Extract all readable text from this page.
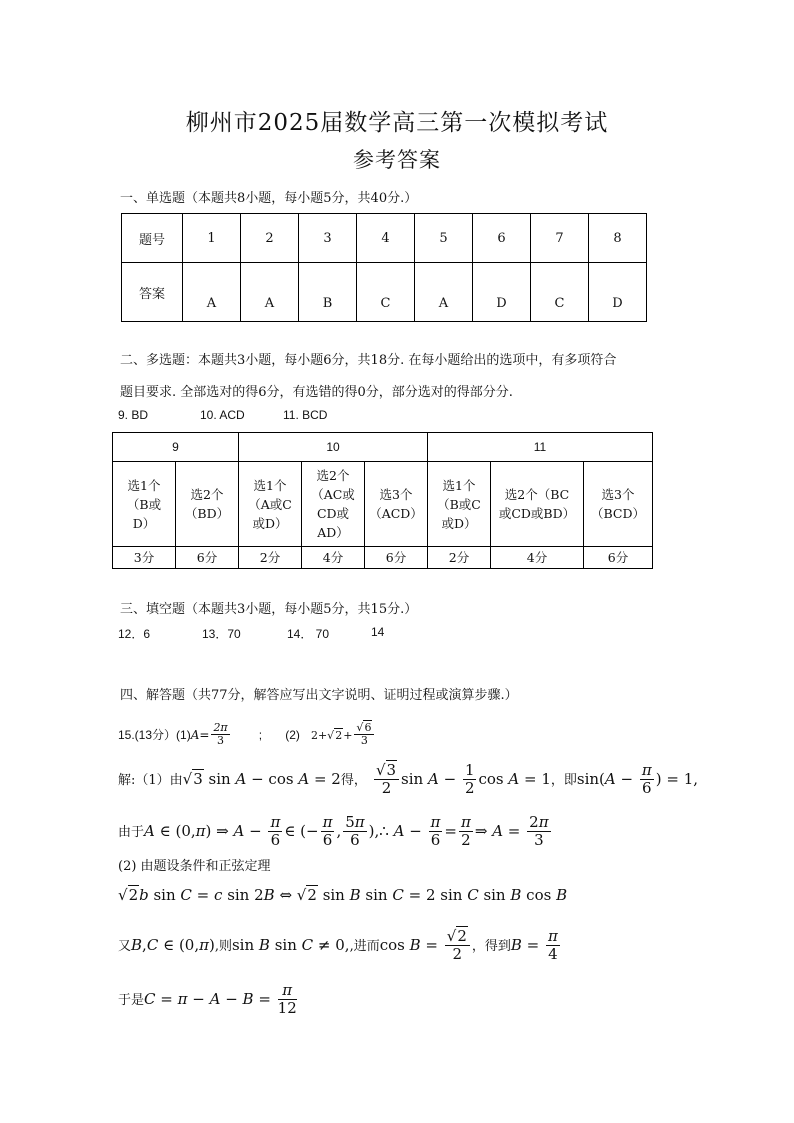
柳州市2025届数学高三第一次模拟考试
参考答案
一、单选题（本题共8小题，每小题5分，共40分.）
题号	1	2	3	4	5	6	7	8
答案	A	A	B	C	A	D	C	D
二、多选题：本题共3小题，每小题6分，共18分. 在每小题给出的选项中，有多项符合
题目要求. 全部选对的得6分，有选错的得0分，部分选对的得部分分.
9. BD	10. ACD	11. BCD
9		10			11		
选1个
（B或
D）	选2个
（BD）	选1个
（A或C
或D）	选2个
（AC或
CD或
AD）	选3个
（ACD）	选1个
（B或C
或D）	选2个（BC
或CD或BD）	选3个
（BCD）
3分	6分	2分	4分	6分	2分	4分	6分
三、填空题（本题共3小题，每小题5分，共15分.）
12．6	13．70	14． 70	14
四、解答题（共77分，解答应写出文字说明、证明过程或演算步骤.）
15.(13分）$(1)A= \frac{2\pi}{3}$ ; (2) $2+√2+ \frac{√6}{3}$
解:（1）由√3 sin A − cos A = 2得， $\frac{√3}{2}$ $\sin A - \frac{1}{2}$ cos A = 1，即$\sin(A - \frac{\pi}{6}$ ) = 1,
由于A ∈ (0,π) ⇒ $A - \frac{\pi}{6}$ ∈ (− $\frac{\pi}{6}$ , $\frac{5\pi}{6}$ ),∴ $A - \frac{\pi}{6} = \frac{\pi}{2}$ ⇒ $A = \frac{2\pi}{3}$
(2) 由题设条件和正弦定理
√2b sin C = c sin 2B ⇔ √2 sin B sin C = 2 sin C sin B cos B
又B,C ∈ (0,π),则sin B sin C ≠ 0,,进而$\cos B = \frac{√2}{2}$ ，得到$B = \frac{\pi}{4}$
于是$C = \pi - A - B = \frac{\pi}{12}$
